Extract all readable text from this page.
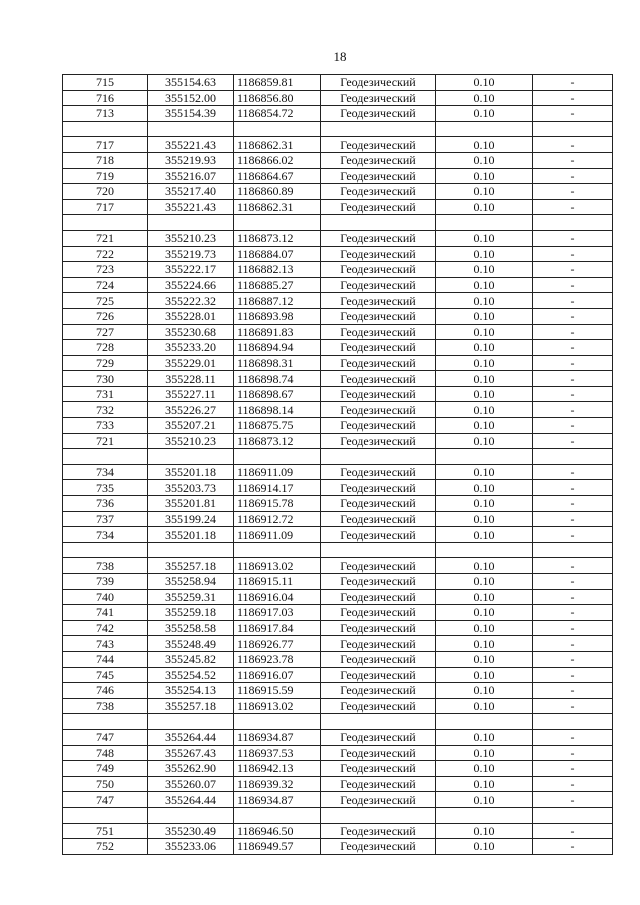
18
715	355154.63	1186859.81	Геодезический	0.10	-
716	355152.00	1186856.80	Геодезический	0.10	-
713	355154.39	1186854.72	Геодезический	0.10	-

717	355221.43	1186862.31	Геодезический	0.10	-
718	355219.93	1186866.02	Геодезический	0.10	-
719	355216.07	1186864.67	Геодезический	0.10	-
720	355217.40	1186860.89	Геодезический	0.10	-
717	355221.43	1186862.31	Геодезический	0.10	-

721	355210.23	1186873.12	Геодезический	0.10	-
722	355219.73	1186884.07	Геодезический	0.10	-
723	355222.17	1186882.13	Геодезический	0.10	-
724	355224.66	1186885.27	Геодезический	0.10	-
725	355222.32	1186887.12	Геодезический	0.10	-
726	355228.01	1186893.98	Геодезический	0.10	-
727	355230.68	1186891.83	Геодезический	0.10	-
728	355233.20	1186894.94	Геодезический	0.10	-
729	355229.01	1186898.31	Геодезический	0.10	-
730	355228.11	1186898.74	Геодезический	0.10	-
731	355227.11	1186898.67	Геодезический	0.10	-
732	355226.27	1186898.14	Геодезический	0.10	-
733	355207.21	1186875.75	Геодезический	0.10	-
721	355210.23	1186873.12	Геодезический	0.10	-

734	355201.18	1186911.09	Геодезический	0.10	-
735	355203.73	1186914.17	Геодезический	0.10	-
736	355201.81	1186915.78	Геодезический	0.10	-
737	355199.24	1186912.72	Геодезический	0.10	-
734	355201.18	1186911.09	Геодезический	0.10	-

738	355257.18	1186913.02	Геодезический	0.10	-
739	355258.94	1186915.11	Геодезический	0.10	-
740	355259.31	1186916.04	Геодезический	0.10	-
741	355259.18	1186917.03	Геодезический	0.10	-
742	355258.58	1186917.84	Геодезический	0.10	-
743	355248.49	1186926.77	Геодезический	0.10	-
744	355245.82	1186923.78	Геодезический	0.10	-
745	355254.52	1186916.07	Геодезический	0.10	-
746	355254.13	1186915.59	Геодезический	0.10	-
738	355257.18	1186913.02	Геодезический	0.10	-

747	355264.44	1186934.87	Геодезический	0.10	-
748	355267.43	1186937.53	Геодезический	0.10	-
749	355262.90	1186942.13	Геодезический	0.10	-
750	355260.07	1186939.32	Геодезический	0.10	-
747	355264.44	1186934.87	Геодезический	0.10	-

751	355230.49	1186946.50	Геодезический	0.10	-
752	355233.06	1186949.57	Геодезический	0.10	-
